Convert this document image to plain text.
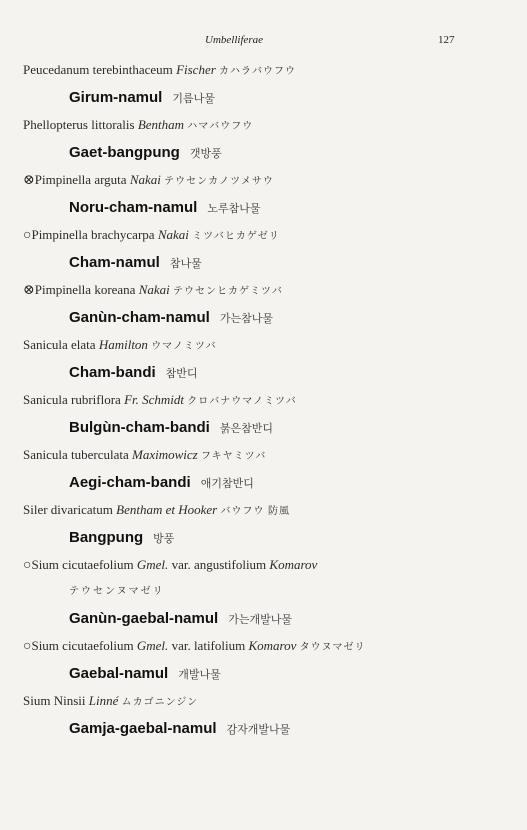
Umbelliferae	127
Peucedanum terebinthaceum Fischer カハラバウフウ
Girum-namul 기름나물
Phellopterus littoralis Bentham ハマバウフウ
Gaet-bangpung 갯방풍
⊗Pimpinella arguta Nakai テウセンカノツメサウ
Noru-cham-namul 노루참나물
○Pimpinella brachycarpa Nakai ミツバヒカゲゼリ
Cham-namul 참나물
⊗Pimpinella koreana Nakai テウセンヒカゲミツバ
Ganùn-cham-namul 가는참나물
Sanicula elata Hamilton ウマノミツバ
Cham-bandi 참반디
Sanicula rubriflora Fr. Schmidt クロバナウマノミツバ
Bulgùn-cham-bandi 붉은참반디
Sanicula tuberculata Maximowicz フキヤミツバ
Aegi-cham-bandi 애기참반디
Siler divaricatum Bentham et Hooker バウフウ 防風
Bangpung 방풍
○Sium cicutaefolium Gmel. var. angustifolium Komarov
テウセンヌマゼリ
Ganùn-gaebal-namul 가는개발나물
○Sium cicutaefolium Gmel. var. latifolium Komarov タウヌマゼリ
Gaebal-namul 개발나물
Sium Ninsii Linné ムカゴニンジン
Gamja-gaebal-namul 감자개발나물
